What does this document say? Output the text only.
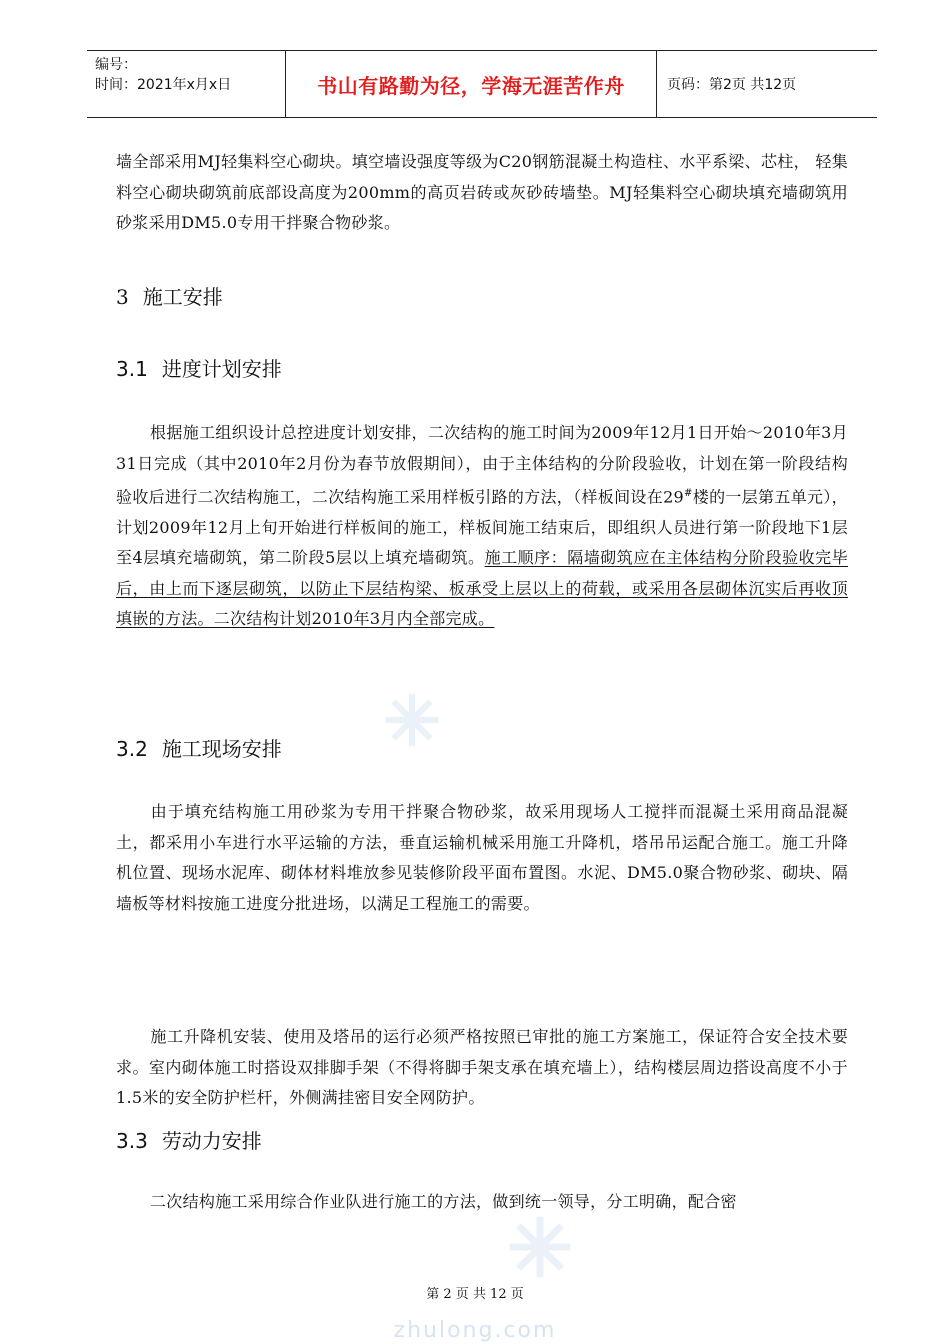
编号：
时间：2021年x月x日	书山有路勤为径，学海无涯苦作舟	页码：第2页 共12页
墙全部采用MJ轻集料空心砌块。填空墙设强度等级为C20钢筋混凝土构造柱、水平系梁、芯柱， 轻集料空心砌块砌筑前底部设高度为200mm的高页岩砖或灰砂砖墙垫。MJ轻集料空心砌块填充墙砌筑用砂浆采用DM5.0专用干拌聚合物砂浆。
3 施工安排
3.1 进度计划安排
根据施工组织设计总控进度计划安排，二次结构的施工时间为2009年12月1日开始～2010年3月31日完成（其中2010年2月份为春节放假期间），由于主体结构的分阶段验收，计划在第一阶段结构验收后进行二次结构施工，二次结构施工采用样板引路的方法，（样板间设在29#楼的一层第五单元），计划2009年12月上旬开始进行样板间的施工，样板间施工结束后，即组织人员进行第一阶段地下1层至4层填充墙砌筑，第二阶段5层以上填充墙砌筑。施工顺序：隔墙砌筑应在主体结构分阶段验收完毕后，由上而下逐层砌筑，以防止下层结构梁、板承受上层以上的荷载，或采用各层砌体沉实后再收顶填嵌的方法。二次结构计划2010年3月内全部完成。
3.2 施工现场安排
由于填充结构施工用砂浆为专用干拌聚合物砂浆，故采用现场人工搅拌而混凝土采用商品混凝土，都采用小车进行水平运输的方法，垂直运输机械采用施工升降机，塔吊吊运配合施工。施工升降机位置、现场水泥库、砌体材料堆放参见装修阶段平面布置图。水泥、DM5.0聚合物砂浆、砌块、隔墙板等材料按施工进度分批进场，以满足工程施工的需要。
施工升降机安装、使用及塔吊的运行必须严格按照已审批的施工方案施工，保证符合安全技术要求。室内砌体施工时搭设双排脚手架（不得将脚手架支承在填充墙上），结构楼层周边搭设高度不小于1.5米的安全防护栏杆，外侧满挂密目安全网防护。
3.3 劳动力安排
二次结构施工采用综合作业队进行施工的方法，做到统一领导，分工明确，配合密
第 2 页 共 12 页
zhulong.com
